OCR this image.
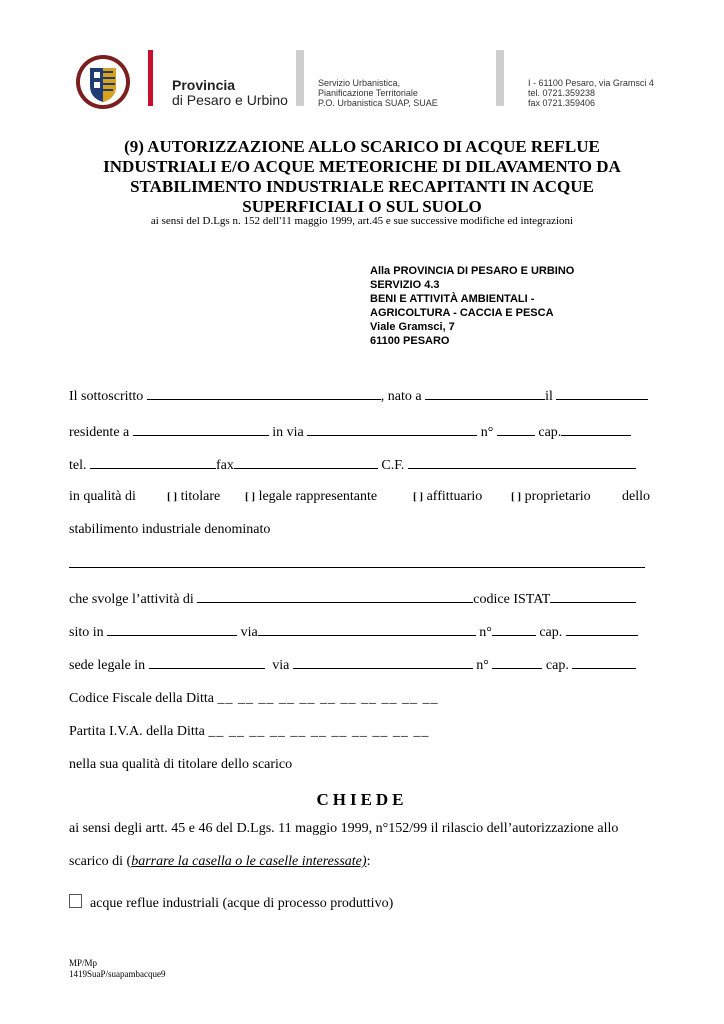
Provincia
di Pesaro e Urbino
Servizio Urbanistica,
Pianificazione Territoriale
P.O. Urbanistica SUAP, SUAE
I - 61100 Pesaro, via Gramsci 4
tel. 0721.359238
fax 0721.359406
(9) AUTORIZZAZIONE ALLO SCARICO DI ACQUE REFLUE
INDUSTRIALI E/O ACQUE METEORICHE DI DILAVAMENTO DA
STABILIMENTO INDUSTRIALE RECAPITANTI IN ACQUE
SUPERFICIALI O SUL SUOLO
ai sensi del D.Lgs n. 152 dell'11 maggio 1999, art.45 e sue successive modifiche ed integrazioni
Alla PROVINCIA DI PESARO E URBINO
SERVIZIO 4.3
BENI E ATTIVITÀ AMBIENTALI -
AGRICOLTURA - CACCIA E PESCA
Viale Gramsci, 7
61100 PESARO
Il sottoscritto	, nato a	il
residente a	in via	n°	cap.
tel.	fax	C.F.
in qualità di	[ ] titolare [ ] legale rappresentante	[ ] affittuario	[ ] proprietario dello
stabilimento industriale denominato
che svolge l’attività di	codice ISTAT
sito in	via	n°	cap.
sede legale in	via	n°	cap.
Codice Fiscale della Ditta __ __ __ __ __ __ __ __ __ __ __
Partita I.V.A. della Ditta __ __ __ __ __ __ __ __ __ __ __
nella sua qualità di titolare dello scarico
CHIEDE
ai sensi degli artt. 45 e 46 del D.Lgs. 11 maggio 1999, n°152/99 il rilascio dell’autorizzazione allo
scarico di (barrare la casella o le caselle interessate):
acque reflue industriali (acque di processo produttivo)
MP/Mp
1419SuaP/suapambacque9
